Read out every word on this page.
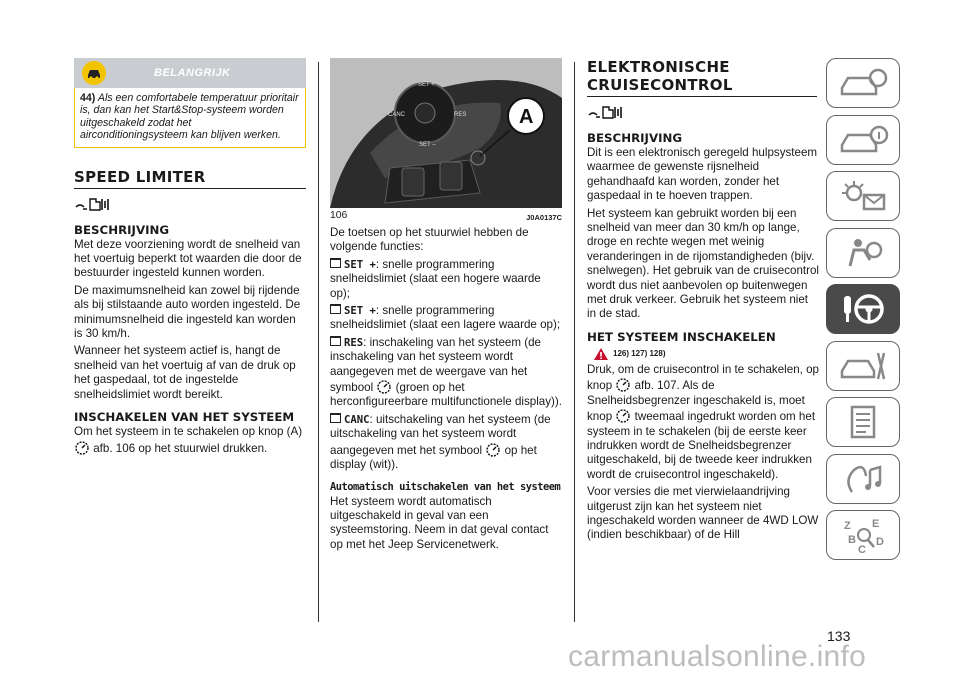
BELANGRIJK
44) Als een comfortabele temperatuur prioritair is, dan kan het Start&Stop-systeem worden uitgeschakeld zodat het airconditioningsysteem kan blijven werken.
SPEED LIMITER
BESCHRIJVING

Met deze voorziening wordt de snelheid van het voertuig beperkt tot waarden die door de bestuurder ingesteld kunnen worden.

De maximumsnelheid kan zowel bij rijdende als bij stilstaande auto worden ingesteld. De minimumsnelheid die ingesteld kan worden is 30 km/h.

Wanneer het systeem actief is, hangt de snelheid van het voertuig af van de druk op het gaspedaal, tot de ingestelde snelheidslimiet wordt bereikt.

INSCHAKELEN VAN HET SYSTEEM

Om het systeem in te schakelen op knop (A)  afb. 106 op het stuurwiel drukken.

A
SET +
SET –
CANC	RES
106	J0A0137C

De toetsen op het stuurwiel hebben de volgende functies:

SET +: snelle programmering snelheidslimiet (slaat een hogere waarde op);

SET +: snelle programmering snelheidslimiet (slaat een lagere waarde op);

RES: inschakeling van het systeem (de inschakeling van het systeem wordt aangegeven met de weergave van het symbool (groen op het herconfigureerbare multifunctionele display)).

CANC: uitschakeling van het systeem (de uitschakeling van het systeem wordt aangegeven met het symbool op het display (wit)).

Automatisch uitschakelen van het systeem

Het systeem wordt automatisch uitgeschakeld in geval van een systeemstoring. Neem in dat geval contact op met het Jeep Servicenetwerk.

ELEKTRONISCHE CRUISECONTROL
BESCHRIJVING

Dit is een elektronisch geregeld hulpsysteem waarmee de gewenste rijsnelheid gehandhaafd kan worden, zonder het gaspedaal in te hoeven trappen.

Het systeem kan gebruikt worden bij een snelheid van meer dan 30 km/h op lange, droge en rechte wegen met weinig veranderingen in de rijomstandigheden (bijv. snelwegen). Het gebruik van de cruisecontrol wordt dus niet aanbevolen op buitenwegen met druk verkeer. Gebruik het systeem niet in de stad.

HET SYSTEEM INSCHAKELEN
126) 127) 128)

Druk, om de cruisecontrol in te schakelen, op knop afb. 107. Als de Snelheidsbegrenzer ingeschakeld is, moet knop tweemaal ingedrukt worden om het systeem in te schakelen (bij de eerste keer indrukken wordt de Snelheidsbegrenzer uitgeschakeld, bij de tweede keer indrukken wordt de cruisecontrol ingeschakeld).

Voor versies die met vierwielaandrijving uitgerust zijn kan het systeem niet ingeschakeld worden wanneer de 4WD LOW (indien beschikbaar) of de Hill

Z E
B
C
D
133
carmanualsonline.info
